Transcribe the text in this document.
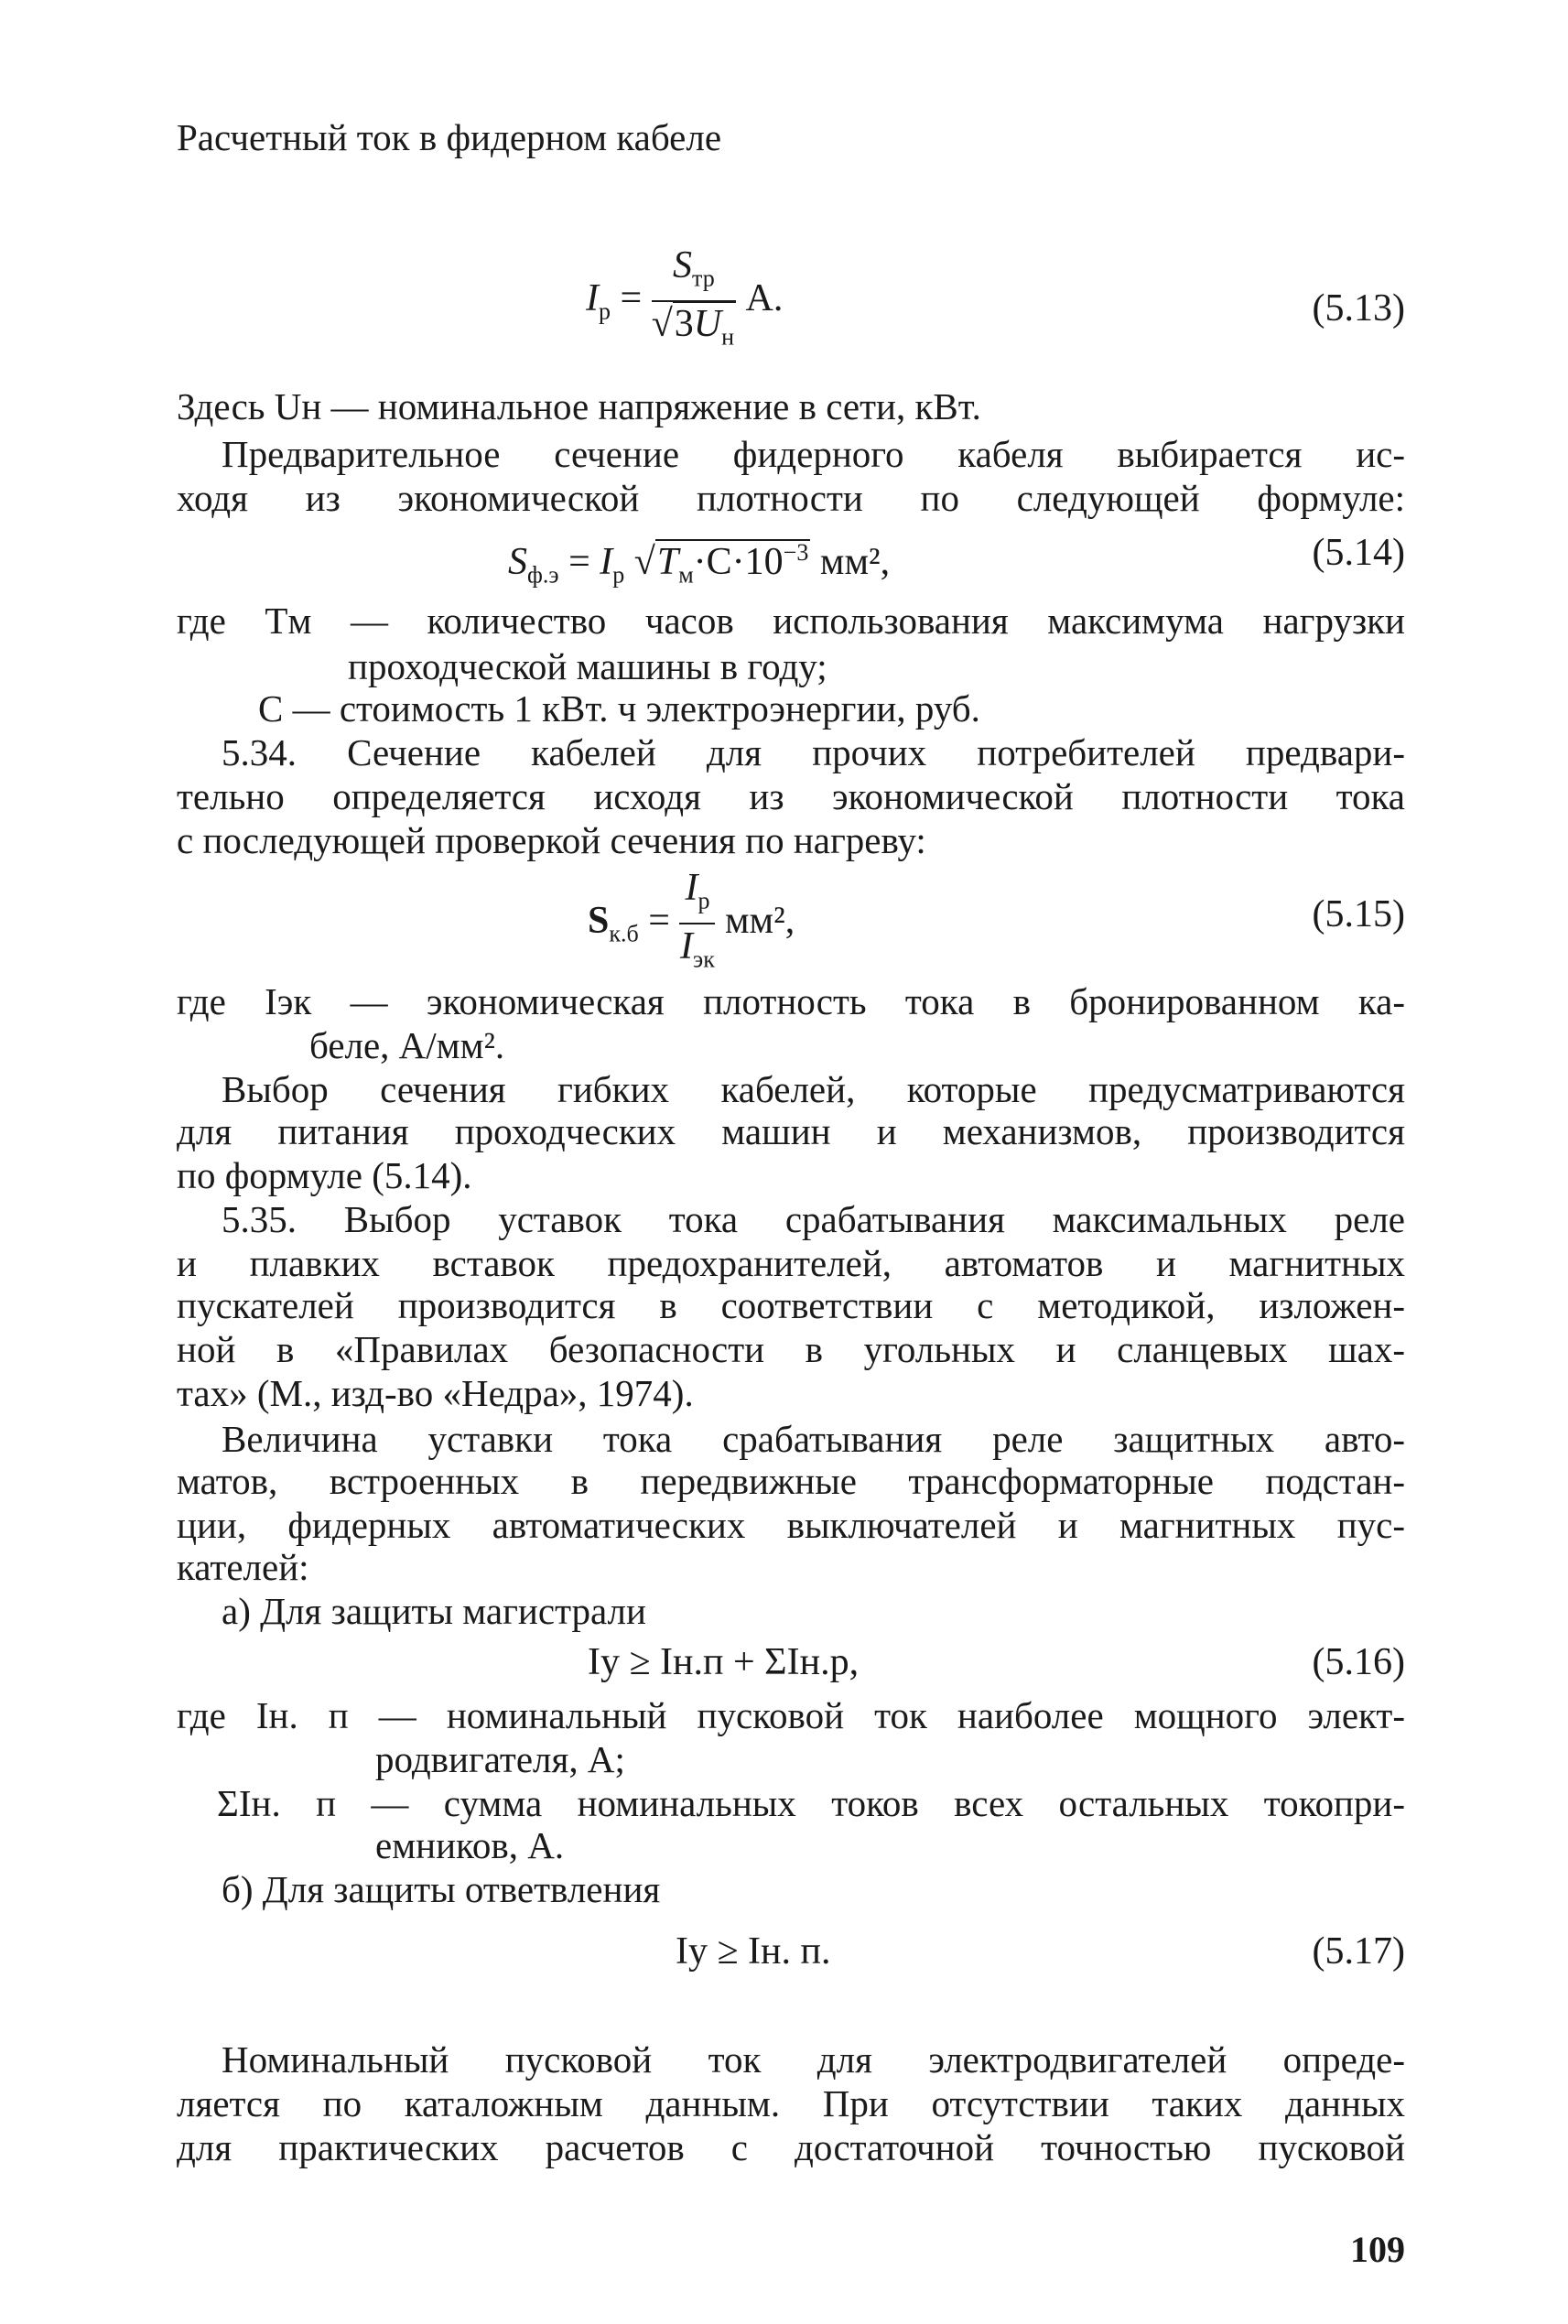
Расчетный ток в фидерном кабеле
$I_р = \frac{S_{тр}}{√3U_н} А$.	(5.13)
Здесь Uн — номинальное напряжение в сети, кВт.
Предварительное сечение фидерного кабеля выбирается ис-
ходя из экономической плотности по следующей формуле:
$S_{ф.э} = I_р$ $√T_м\cdot C\cdot 10^{-3}$ мм²,	(5.14)
где Tм — количество часов использования максимума нагрузки
проходческой машины в году;
C — стоимость 1 кВт. ч электроэнергии, руб.
5.34. Сечение кабелей для прочих потребителей предвари-
тельно определяется исходя из экономической плотности тока
с последующей проверкой сечения по нагреву:
$S_{к.б} = \frac{I_р}{I_{эк}} мм^2$,	(5.15)
где Iэк — экономическая плотность тока в бронированном ка-
беле, А/мм².
Выбор сечения гибких кабелей, которые предусматриваются
для питания проходческих машин и механизмов, производится
по формуле (5.14).
5.35. Выбор уставок тока срабатывания максимальных реле
и плавких вставок предохранителей, автоматов и магнитных
пускателей производится в соответствии с методикой, изложен-
ной в «Правилах безопасности в угольных и сланцевых шах-
тах» (М., изд-во «Недра», 1974).
Величина уставки тока срабатывания реле защитных авто-
матов, встроенных в передвижные трансформаторные подстан-
ции, фидерных автоматических выключателей и магнитных пус-
кателей:
а) Для защиты магистрали
Iу ≥ Iн.п + ΣIн.р,	(5.16)
где Iн. п — номинальный пусковой ток наиболее мощного элект-
родвигателя, А;
ΣIн. п — сумма номинальных токов всех остальных токопри-
емников, А.
б) Для защиты ответвления
Iу ≥ Iн. п.	(5.17)
Номинальный пусковой ток для электродвигателей опреде-
ляется по каталожным данным. При отсутствии таких данных
для практических расчетов с достаточной точностью пусковой
109
